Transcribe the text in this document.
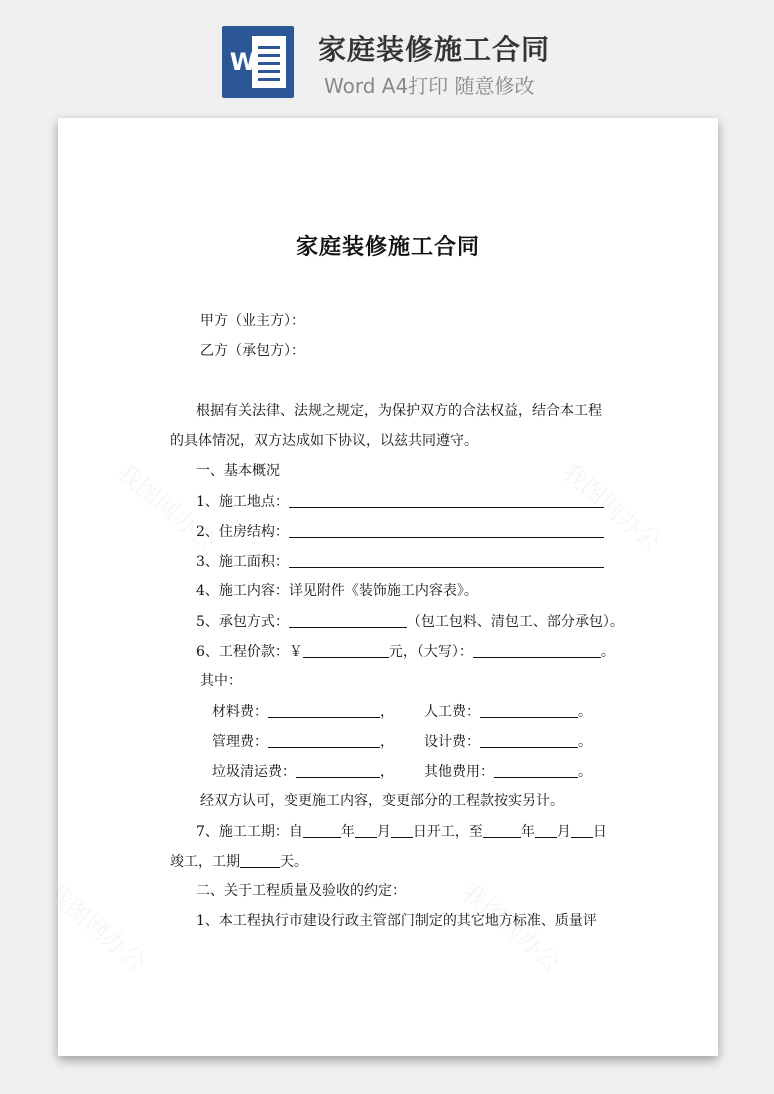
W 家庭装修施工合同
Word A4打印 随意修改
家庭装修施工合同
甲方（业主方）：
乙方（承包方）：
根据有关法律、法规之规定，为保护双方的合法权益，结合本工程
的具体情况，双方达成如下协议，以兹共同遵守。
一、基本概况
1、施工地点：
2、住房结构：
3、施工面积：
4、施工内容：详见附件《装饰施工内容表》。
5、承包方式：	（包工包料、清包工、部分承包）。
6、工程价款：￥	元，（大写）：	。
其中：
材料费：	， 人工费：	。
管理费：	， 设计费：	。
垃圾清运费：	， 其他费用：	。
经双方认可，变更施工内容，变更部分的工程款按实另计。
7、施工工期：自	年 月 日开工，至	年 月 日
竣工，工期	天。
二、关于工程质量及验收的约定：
1、本工程执行市建设行政主管部门制定的其它地方标准、质量评
